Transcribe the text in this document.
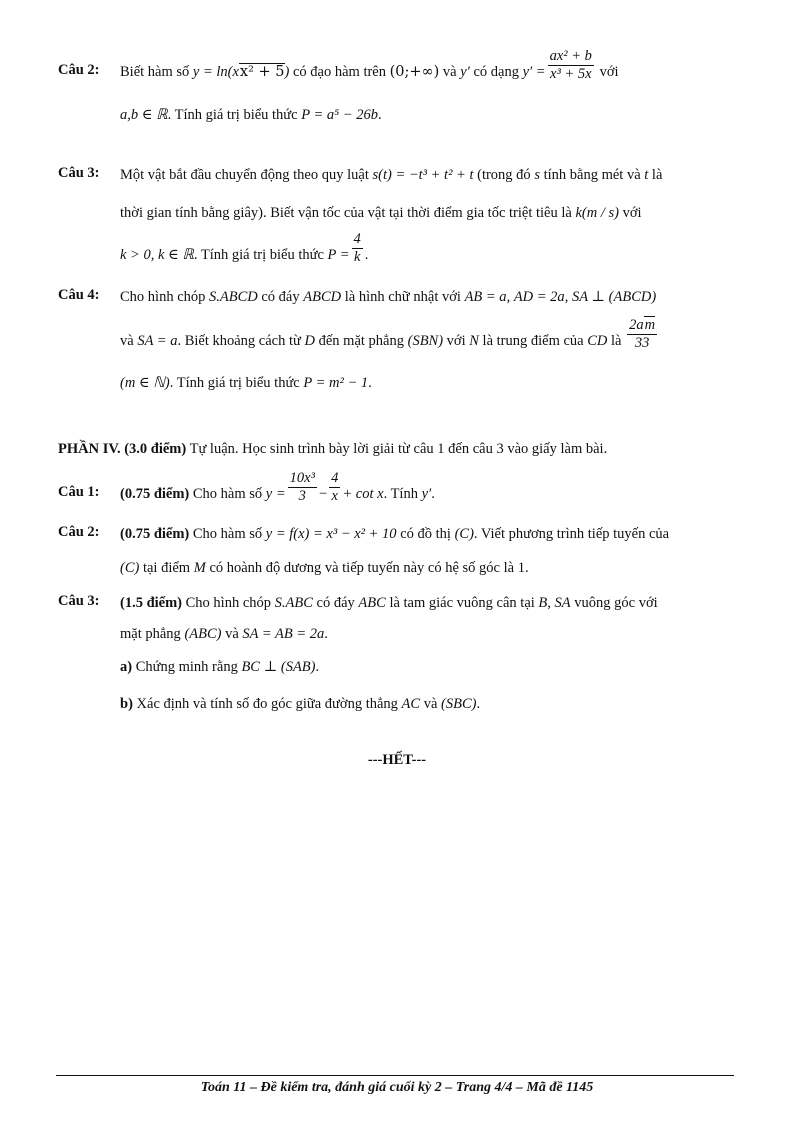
Câu 2: Biết hàm số y = ln(xx² + 5) có đạo hàm trên (0;+∞) và y′ có dạng $y' = \frac{\text{ax² + b}}{\text{x³ + 5x}}$ với
a,b ∈ ℝ. Tính giá trị biểu thức P = a⁵ − 26b.
Câu 3: Một vật bắt đầu chuyển động theo quy luật s(t) = −t³ + t² + t (trong đó s tính bằng mét và t là
thời gian tính bằng giây). Biết vận tốc của vật tại thời điểm gia tốc triệt tiêu là k(m / s) với
k > 0, k ∈ ℝ. Tính giá trị biểu thức $P = \frac{4}{k}$ .
Câu 4: Cho hình chóp S.ABCD có đáy ABCD là hình chữ nhật với AB = a, AD = 2a, SA ⊥ (ABCD)
và SA = a. Biết khoảng cách từ D đến mặt phẳng (SBN) với N là trung điểm của CD là $\frac{2am}{33}$
(m ∈ ℕ). Tính giá trị biểu thức P = m² − 1.
PHẦN IV. (3.0 điểm) Tự luận. Học sinh trình bày lời giải từ câu 1 đến câu 3 vào giấy làm bài.
Câu 1: (0.75 điểm) Cho hàm số $y = \frac{\text{10x³}}{3} - \frac{4}{x} + \cot x$. Tính y′.
Câu 2: (0.75 điểm) Cho hàm số y = f(x) = x³ − x² + 10 có đồ thị (C). Viết phương trình tiếp tuyến của
(C) tại điểm M có hoành độ dương và tiếp tuyến này có hệ số góc là 1.
Câu 3: (1.5 điểm) Cho hình chóp S.ABC có đáy ABC là tam giác vuông cân tại B, SA vuông góc với
mặt phẳng (ABC) và SA = AB = 2a.
a) Chứng minh rằng BC ⊥ (SAB).
b) Xác định và tính số đo góc giữa đường thẳng AC và (SBC).
---HẾT---
Toán 11 – Đề kiểm tra, đánh giá cuối kỳ 2 – Trang 4/4 – Mã đề 1145
